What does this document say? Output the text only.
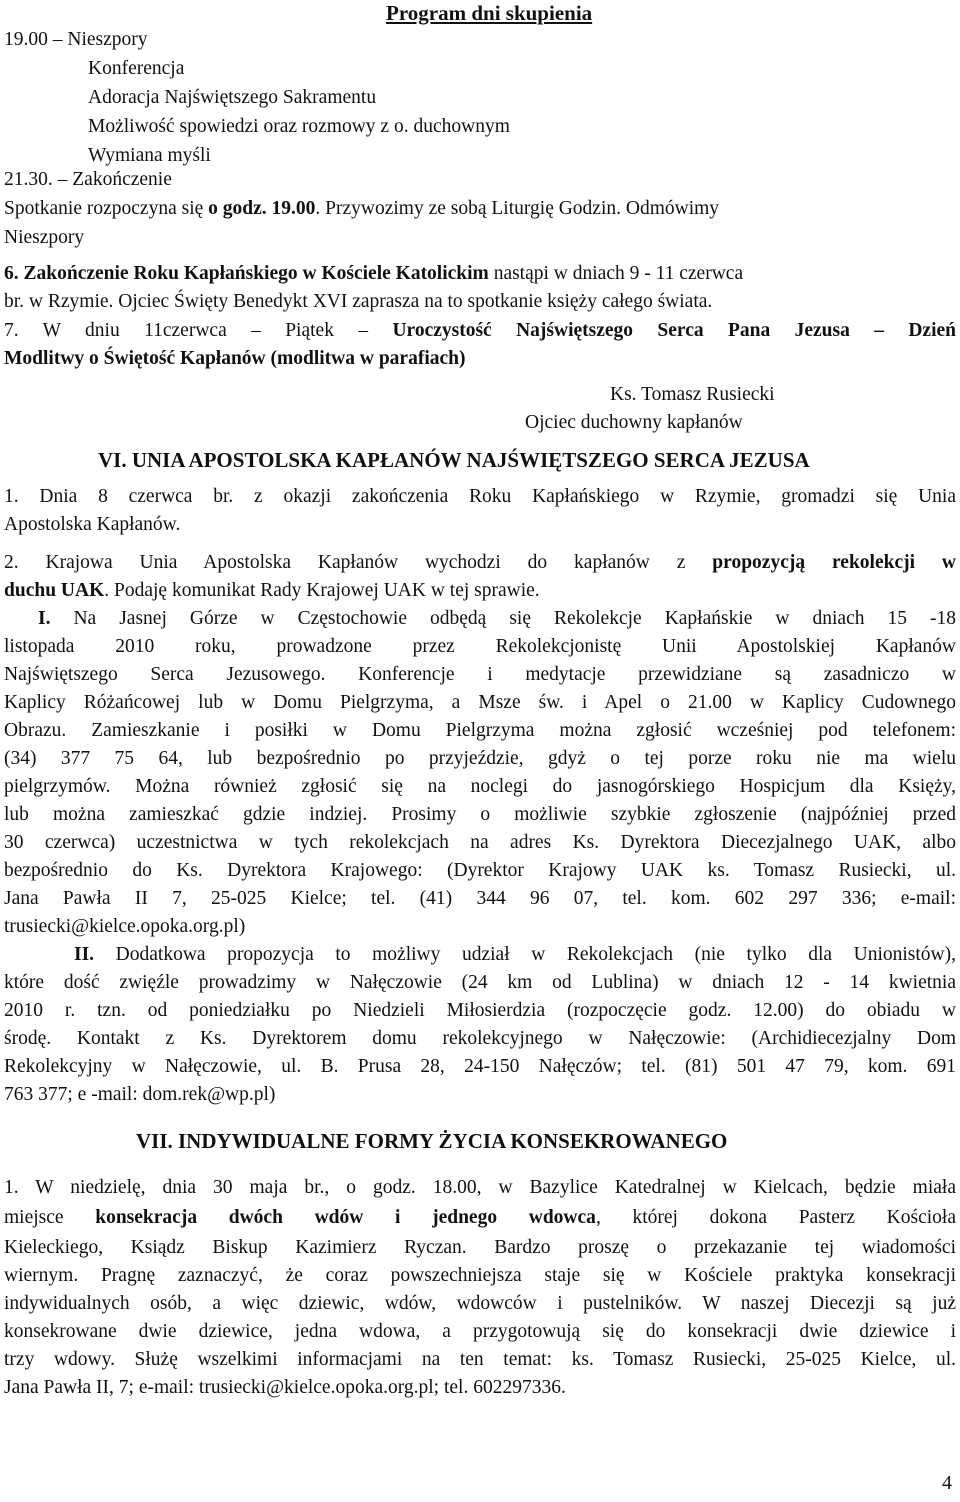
Program dni skupienia
19.00 – Nieszpory
Konferencja
Adoracja Najświętszego Sakramentu
Możliwość spowiedzi oraz rozmowy z o. duchownym
Wymiana myśli
21.30. – Zakończenie
Spotkanie rozpoczyna się o godz. 19.00. Przywozimy ze sobą Liturgię Godzin. Odmówimy
Nieszpory
6. Zakończenie Roku Kapłańskiego w Kościele Katolickim nastąpi w dniach 9 - 11 czerwca
br. w Rzymie. Ojciec Święty Benedykt XVI zaprasza na to spotkanie księży całego świata.
7. W dniu 11czerwca – Piątek – Uroczystość Najświętszego Serca Pana Jezusa – Dzień
Modlitwy o Świętość Kapłanów (modlitwa w parafiach)
Ks. Tomasz Rusiecki
Ojciec duchowny kapłanów
VI. UNIA APOSTOLSKA KAPŁANÓW NAJŚWIĘTSZEGO SERCA JEZUSA
1. Dnia 8 czerwca br. z okazji zakończenia Roku Kapłańskiego w Rzymie, gromadzi się Unia
Apostolska Kapłanów.
2. Krajowa Unia Apostolska Kapłanów wychodzi do kapłanów z propozycją rekolekcji w
duchu UAK. Podaję komunikat Rady Krajowej UAK w tej sprawie.
I. Na Jasnej Górze w Częstochowie odbędą się Rekolekcje Kapłańskie w dniach 15 -18
listopada 2010 roku, prowadzone przez Rekolekcjonistę Unii Apostolskiej Kapłanów
Najświętszego Serca Jezusowego. Konferencje i medytacje przewidziane są zasadniczo w
Kaplicy Różańcowej lub w Domu Pielgrzyma, a Msze św. i Apel o 21.00 w Kaplicy Cudownego
Obrazu. Zamieszkanie i posiłki w Domu Pielgrzyma można zgłosić wcześniej pod telefonem:
(34) 377 75 64, lub bezpośrednio po przyjeździe, gdyż o tej porze roku nie ma wielu
pielgrzymów. Można również zgłosić się na noclegi do jasnogórskiego Hospicjum dla Księży,
lub można zamieszkać gdzie indziej. Prosimy o możliwie szybkie zgłoszenie (najpóźniej przed
30 czerwca) uczestnictwa w tych rekolekcjach na adres Ks. Dyrektora Diecezjalnego UAK, albo
bezpośrednio do Ks. Dyrektora Krajowego: (Dyrektor Krajowy UAK ks. Tomasz Rusiecki, ul.
Jana Pawła II 7, 25-025 Kielce; tel. (41) 344 96 07, tel. kom. 602 297 336; e-mail:
trusiecki@kielce.opoka.org.pl)
II. Dodatkowa propozycja to możliwy udział w Rekolekcjach (nie tylko dla Unionistów),
które dość zwięźle prowadzimy w Nałęczowie (24 km od Lublina) w dniach 12 - 14 kwietnia
2010 r. tzn. od poniedziałku po Niedzieli Miłosierdzia (rozpoczęcie godz. 12.00) do obiadu w
środę. Kontakt z Ks. Dyrektorem domu rekolekcyjnego w Nałęczowie: (Archidiecezjalny Dom
Rekolekcyjny w Nałęczowie, ul. B. Prusa 28, 24-150 Nałęczów; tel. (81) 501 47 79, kom. 691
763 377; e -mail: dom.rek@wp.pl)
VII. INDYWIDUALNE FORMY ŻYCIA KONSEKROWANEGO
1. W niedzielę, dnia 30 maja br., o godz. 18.00, w Bazylice Katedralnej w Kielcach, będzie miała
miejsce konsekracja dwóch wdów i jednego wdowca, której dokona Pasterz Kościoła
Kieleckiego, Ksiądz Biskup Kazimierz Ryczan. Bardzo proszę o przekazanie tej wiadomości
wiernym. Pragnę zaznaczyć, że coraz powszechniejsza staje się w Kościele praktyka konsekracji
indywidualnych osób, a więc dziewic, wdów, wdowców i pustelników. W naszej Diecezji są już
konsekrowane dwie dziewice, jedna wdowa, a przygotowują się do konsekracji dwie dziewice i
trzy wdowy. Służę wszelkimi informacjami na ten temat: ks. Tomasz Rusiecki, 25-025 Kielce, ul.
Jana Pawła II, 7; e-mail: trusiecki@kielce.opoka.org.pl; tel. 602297336.
4
